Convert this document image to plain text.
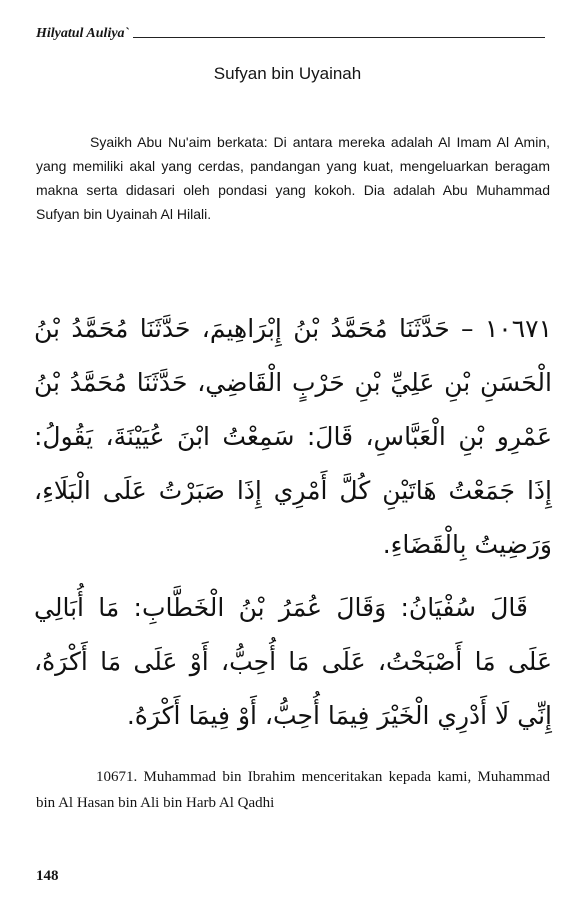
Hilyatul Auliya`
Sufyan bin Uyainah

Syaikh Abu Nu'aim berkata: Di antara mereka adalah Al Imam Al Amin, yang memiliki akal yang cerdas, pandangan yang kuat, mengeluarkan beragam makna serta didasari oleh pondasi yang kokoh. Dia adalah Abu Muhammad Sufyan bin Uyainah Al Hilali.

١٠٦٧١ – حَدَّثَنَا مُحَمَّدُ بْنُ إِبْرَاهِيمَ، حَدَّثَنَا مُحَمَّدُ بْنُ الْحَسَنِ بْنِ عَلِيِّ بْنِ حَرْبٍ الْقَاضِي، حَدَّثَنَا مُحَمَّدُ بْنُ عَمْرِو بْنِ الْعَبَّاسِ، قَالَ: سَمِعْتُ ابْنَ عُيَيْنَةَ، يَقُولُ: إِذَا جَمَعْتُ هَاتَيْنِ كُلَّ أَمْرِي إِذَا صَبَرْتُ عَلَى الْبَلَاءِ، وَرَضِيتُ بِالْقَضَاءِ.

قَالَ سُفْيَانُ: وَقَالَ عُمَرُ بْنُ الْخَطَّابِ: مَا أُبَالِي عَلَى مَا أَصْبَحْتُ، عَلَى مَا أُحِبُّ، أَوْ عَلَى مَا أَكْرَهُ، إِنِّي لَا أَدْرِي الْخَيْرَ فِيمَا أُحِبُّ، أَوْ فِيمَا أَكْرَهُ.

10671. Muhammad bin Ibrahim menceritakan kepada kami, Muhammad bin Al Hasan bin Ali bin Harb Al Qadhi

148
